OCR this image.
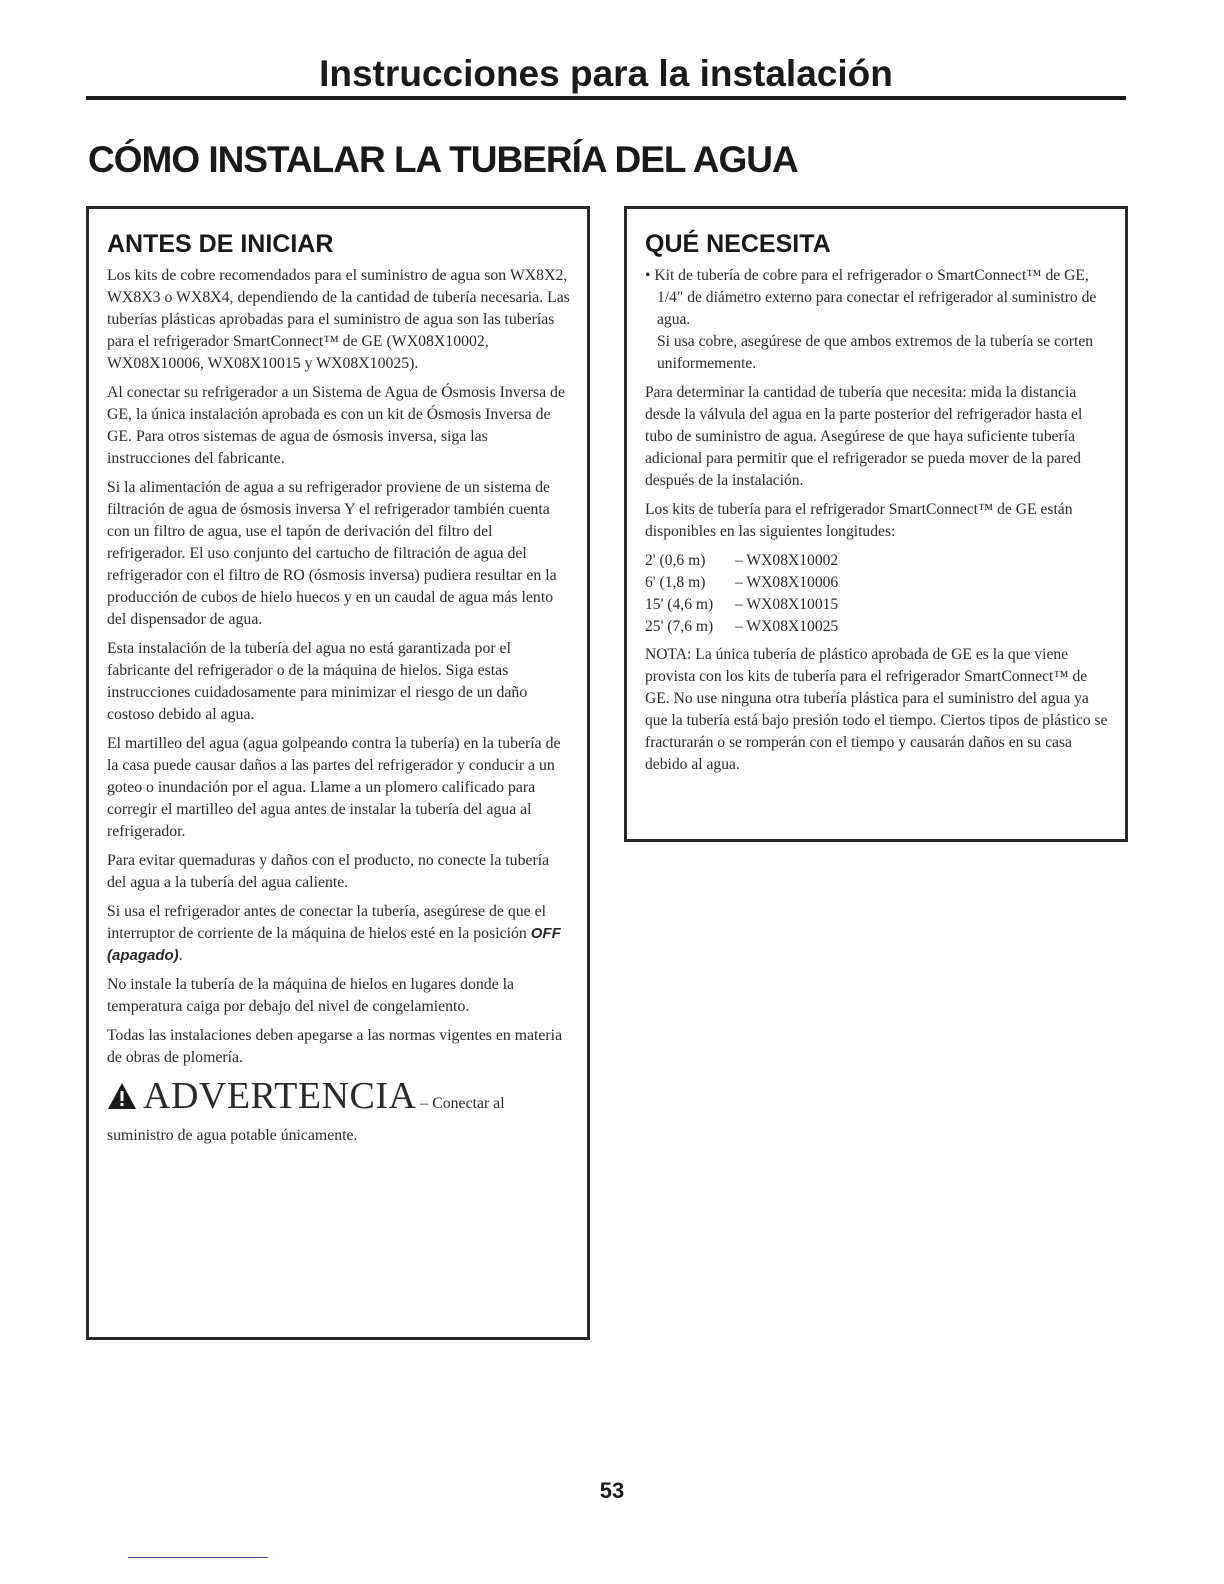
Instrucciones para la instalación
CÓMO INSTALAR LA TUBERÍA DEL AGUA
ANTES DE INICIAR

Los kits de cobre recomendados para el suministro de agua son WX8X2, WX8X3 o WX8X4, dependiendo de la cantidad de tubería necesaria. Las tuberías plásticas aprobadas para el suministro de agua son las tuberías para el refrigerador SmartConnect™ de GE (WX08X10002, WX08X10006, WX08X10015 y WX08X10025).

Al conectar su refrigerador a un Sistema de Agua de Ósmosis Inversa de GE, la única instalación aprobada es con un kit de Ósmosis Inversa de GE. Para otros sistemas de agua de ósmosis inversa, siga las instrucciones del fabricante.

Si la alimentación de agua a su refrigerador proviene de un sistema de filtración de agua de ósmosis inversa Y el refrigerador también cuenta con un filtro de agua, use el tapón de derivación del filtro del refrigerador. El uso conjunto del cartucho de filtración de agua del refrigerador con el filtro de RO (ósmosis inversa) pudiera resultar en la producción de cubos de hielo huecos y en un caudal de agua más lento del dispensador de agua.

Esta instalación de la tubería del agua no está garantizada por el fabricante del refrigerador o de la máquina de hielos. Siga estas instrucciones cuidadosamente para minimizar el riesgo de un daño costoso debido al agua.

El martilleo del agua (agua golpeando contra la tubería) en la tubería de la casa puede causar daños a las partes del refrigerador y conducir a un goteo o inundación por el agua. Llame a un plomero calificado para corregir el martilleo del agua antes de instalar la tubería del agua al refrigerador.

Para evitar quemaduras y daños con el producto, no conecte la tubería del agua a la tubería del agua caliente.

Si usa el refrigerador antes de conectar la tubería, asegúrese de que el interruptor de corriente de la máquina de hielos esté en la posición OFF (apagado).

No instale la tubería de la máquina de hielos en lugares donde la temperatura caiga por debajo del nivel de congelamiento.

Todas las instalaciones deben apegarse a las normas vigentes en materia de obras de plomería.

ADVERTENCIA – Conectar al

suministro de agua potable únicamente.

QUÉ NECESITA

• Kit de tubería de cobre para el refrigerador o SmartConnect™ de GE, 1/4" de diámetro externo para conectar el refrigerador al suministro de agua.

Si usa cobre, asegúrese de que ambos extremos de la tubería se corten uniformemente.

Para determinar la cantidad de tubería que necesita: mida la distancia desde la válvula del agua en la parte posterior del refrigerador hasta el tubo de suministro de agua. Asegúrese de que haya suficiente tubería adicional para permitir que el refrigerador se pueda mover de la pared después de la instalación.

Los kits de tubería para el refrigerador SmartConnect™ de GE están disponibles en las siguientes longitudes:

2' (0,6 m)	– WX08X10002
6' (1,8 m)	– WX08X10006
15' (4,6 m)	– WX08X10015
25' (7,6 m)	– WX08X10025

NOTA: La única tubería de plástico aprobada de GE es la que viene provista con los kits de tubería para el refrigerador SmartConnect™ de GE. No use ninguna otra tubería plástica para el suministro del agua ya que la tubería está bajo presión todo el tiempo. Ciertos tipos de plástico se fracturarán o se romperán con el tiempo y causarán daños en su casa debido al agua.

53
